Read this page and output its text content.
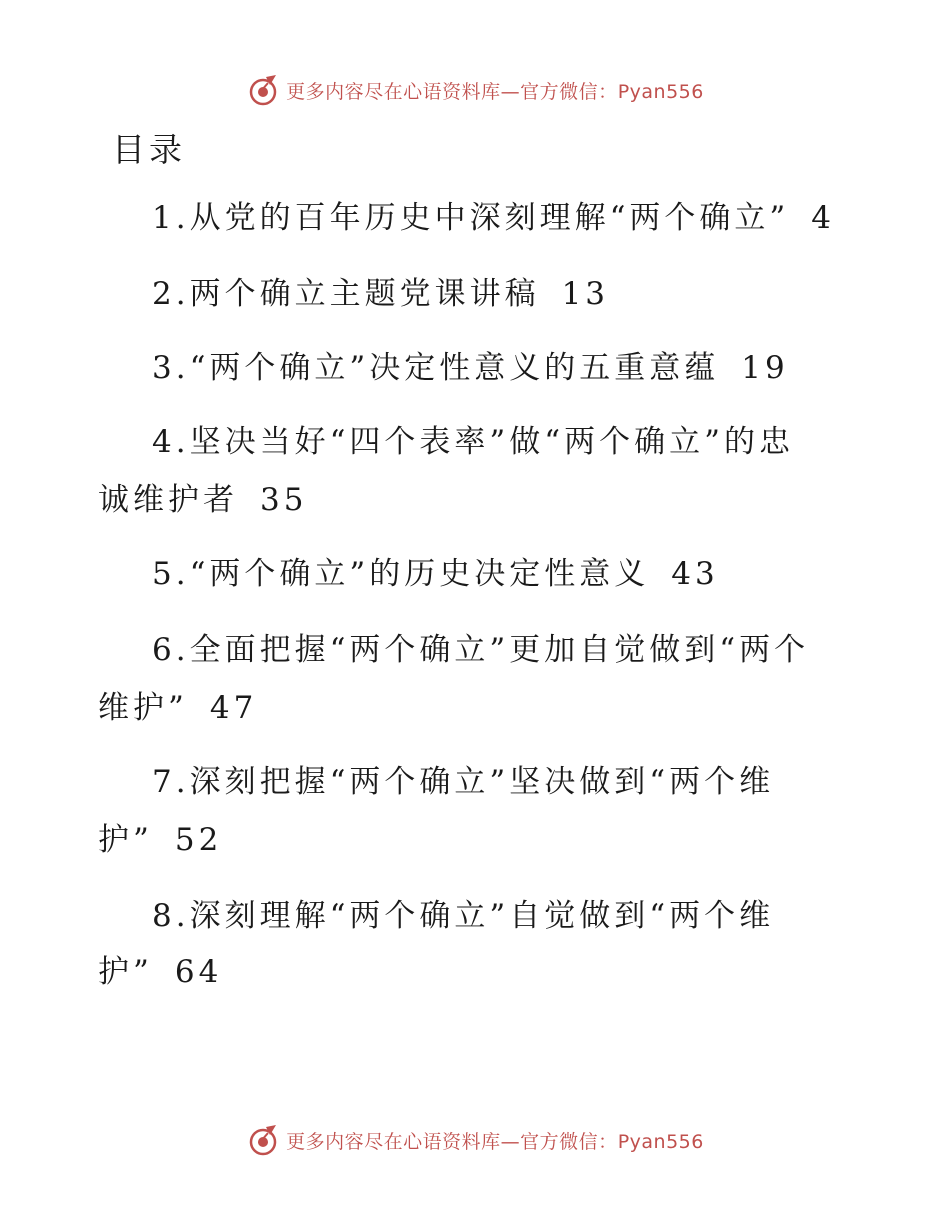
更多内容尽在心语资料库—官方微信：Pyan556
目录
1.从党的百年历史中深刻理解“两个确立” 4
2.两个确立主题党课讲稿 13
3.“两个确立”决定性意义的五重意蕴 19
4.坚决当好“四个表率”做“两个确立”的忠
诚维护者 35
5.“两个确立”的历史决定性意义 43
6.全面把握“两个确立”更加自觉做到“两个
维护” 47
7.深刻把握“两个确立”坚决做到“两个维
护” 52
8.深刻理解“两个确立”自觉做到“两个维
护” 64
更多内容尽在心语资料库—官方微信：Pyan556
